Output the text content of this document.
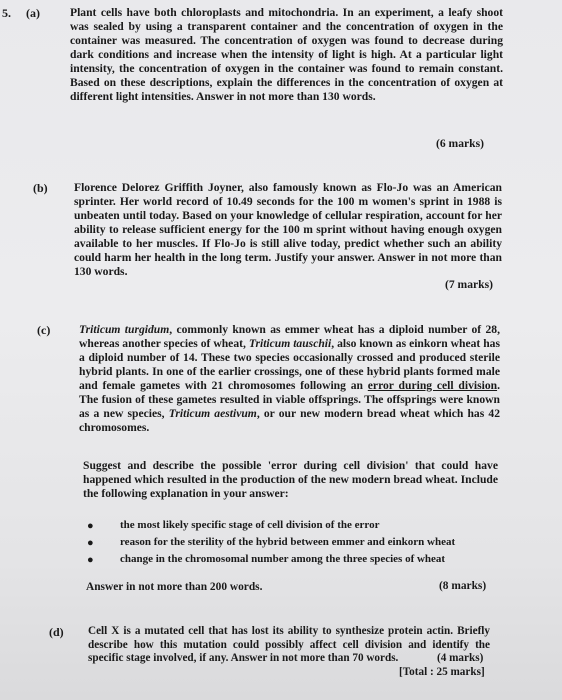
5. (a)	Plant cells have both chloroplasts and mitochondria. In an experiment, a leafy shoot was sealed by using a transparent container and the concentration of oxygen in the container was measured. The concentration of oxygen was found to decrease during dark conditions and increase when the intensity of light is high. At a particular light intensity, the concentration of oxygen in the container was found to remain constant. Based on these descriptions, explain the differences in the concentration of oxygen at different light intensities. Answer in not more than 130 words.

(6 marks)
(b) Florence Delorez Griffith Joyner, also famously known as Flo-Jo was an American sprinter. Her world record of 10.49 seconds for the 100 m women's sprint in 1988 is unbeaten until today. Based on your knowledge of cellular respiration, account for her ability to release sufficient energy for the 100 m sprint without having enough oxygen available to her muscles. If Flo-Jo is still alive today, predict whether such an ability could harm her health in the long term. Justify your answer. Answer in not more than 130 words.

(7 marks)
(c) Triticum turgidum, commonly known as emmer wheat has a diploid number of 28, whereas another species of wheat, Triticum tauschii, also known as einkorn wheat has a diploid number of 14. These two species occasionally crossed and produced sterile hybrid plants. In one of the earlier crossings, one of these hybrid plants formed male and female gametes with 21 chromosomes following an error during cell division. The fusion of these gametes resulted in viable offsprings. The offsprings were known as a new species, Triticum aestivum, or our new modern bread wheat which has 42 chromosomes.

Suggest and describe the possible 'error during cell division' that could have happened which resulted in the production of the new modern bread wheat. Include the following explanation in your answer:

● the most likely specific stage of cell division of the error
● reason for the sterility of the hybrid between emmer and einkorn wheat
● change in the chromosomal number among the three species of wheat
Answer in not more than 200 words.	(8 marks)
(d) Cell X is a mutated cell that has lost its ability to synthesize protein actin. Briefly describe how this mutation could possibly affect cell division and identify the specific stage involved, if any. Answer in not more than 70 words.	(4 marks)
[Total : 25 marks]
